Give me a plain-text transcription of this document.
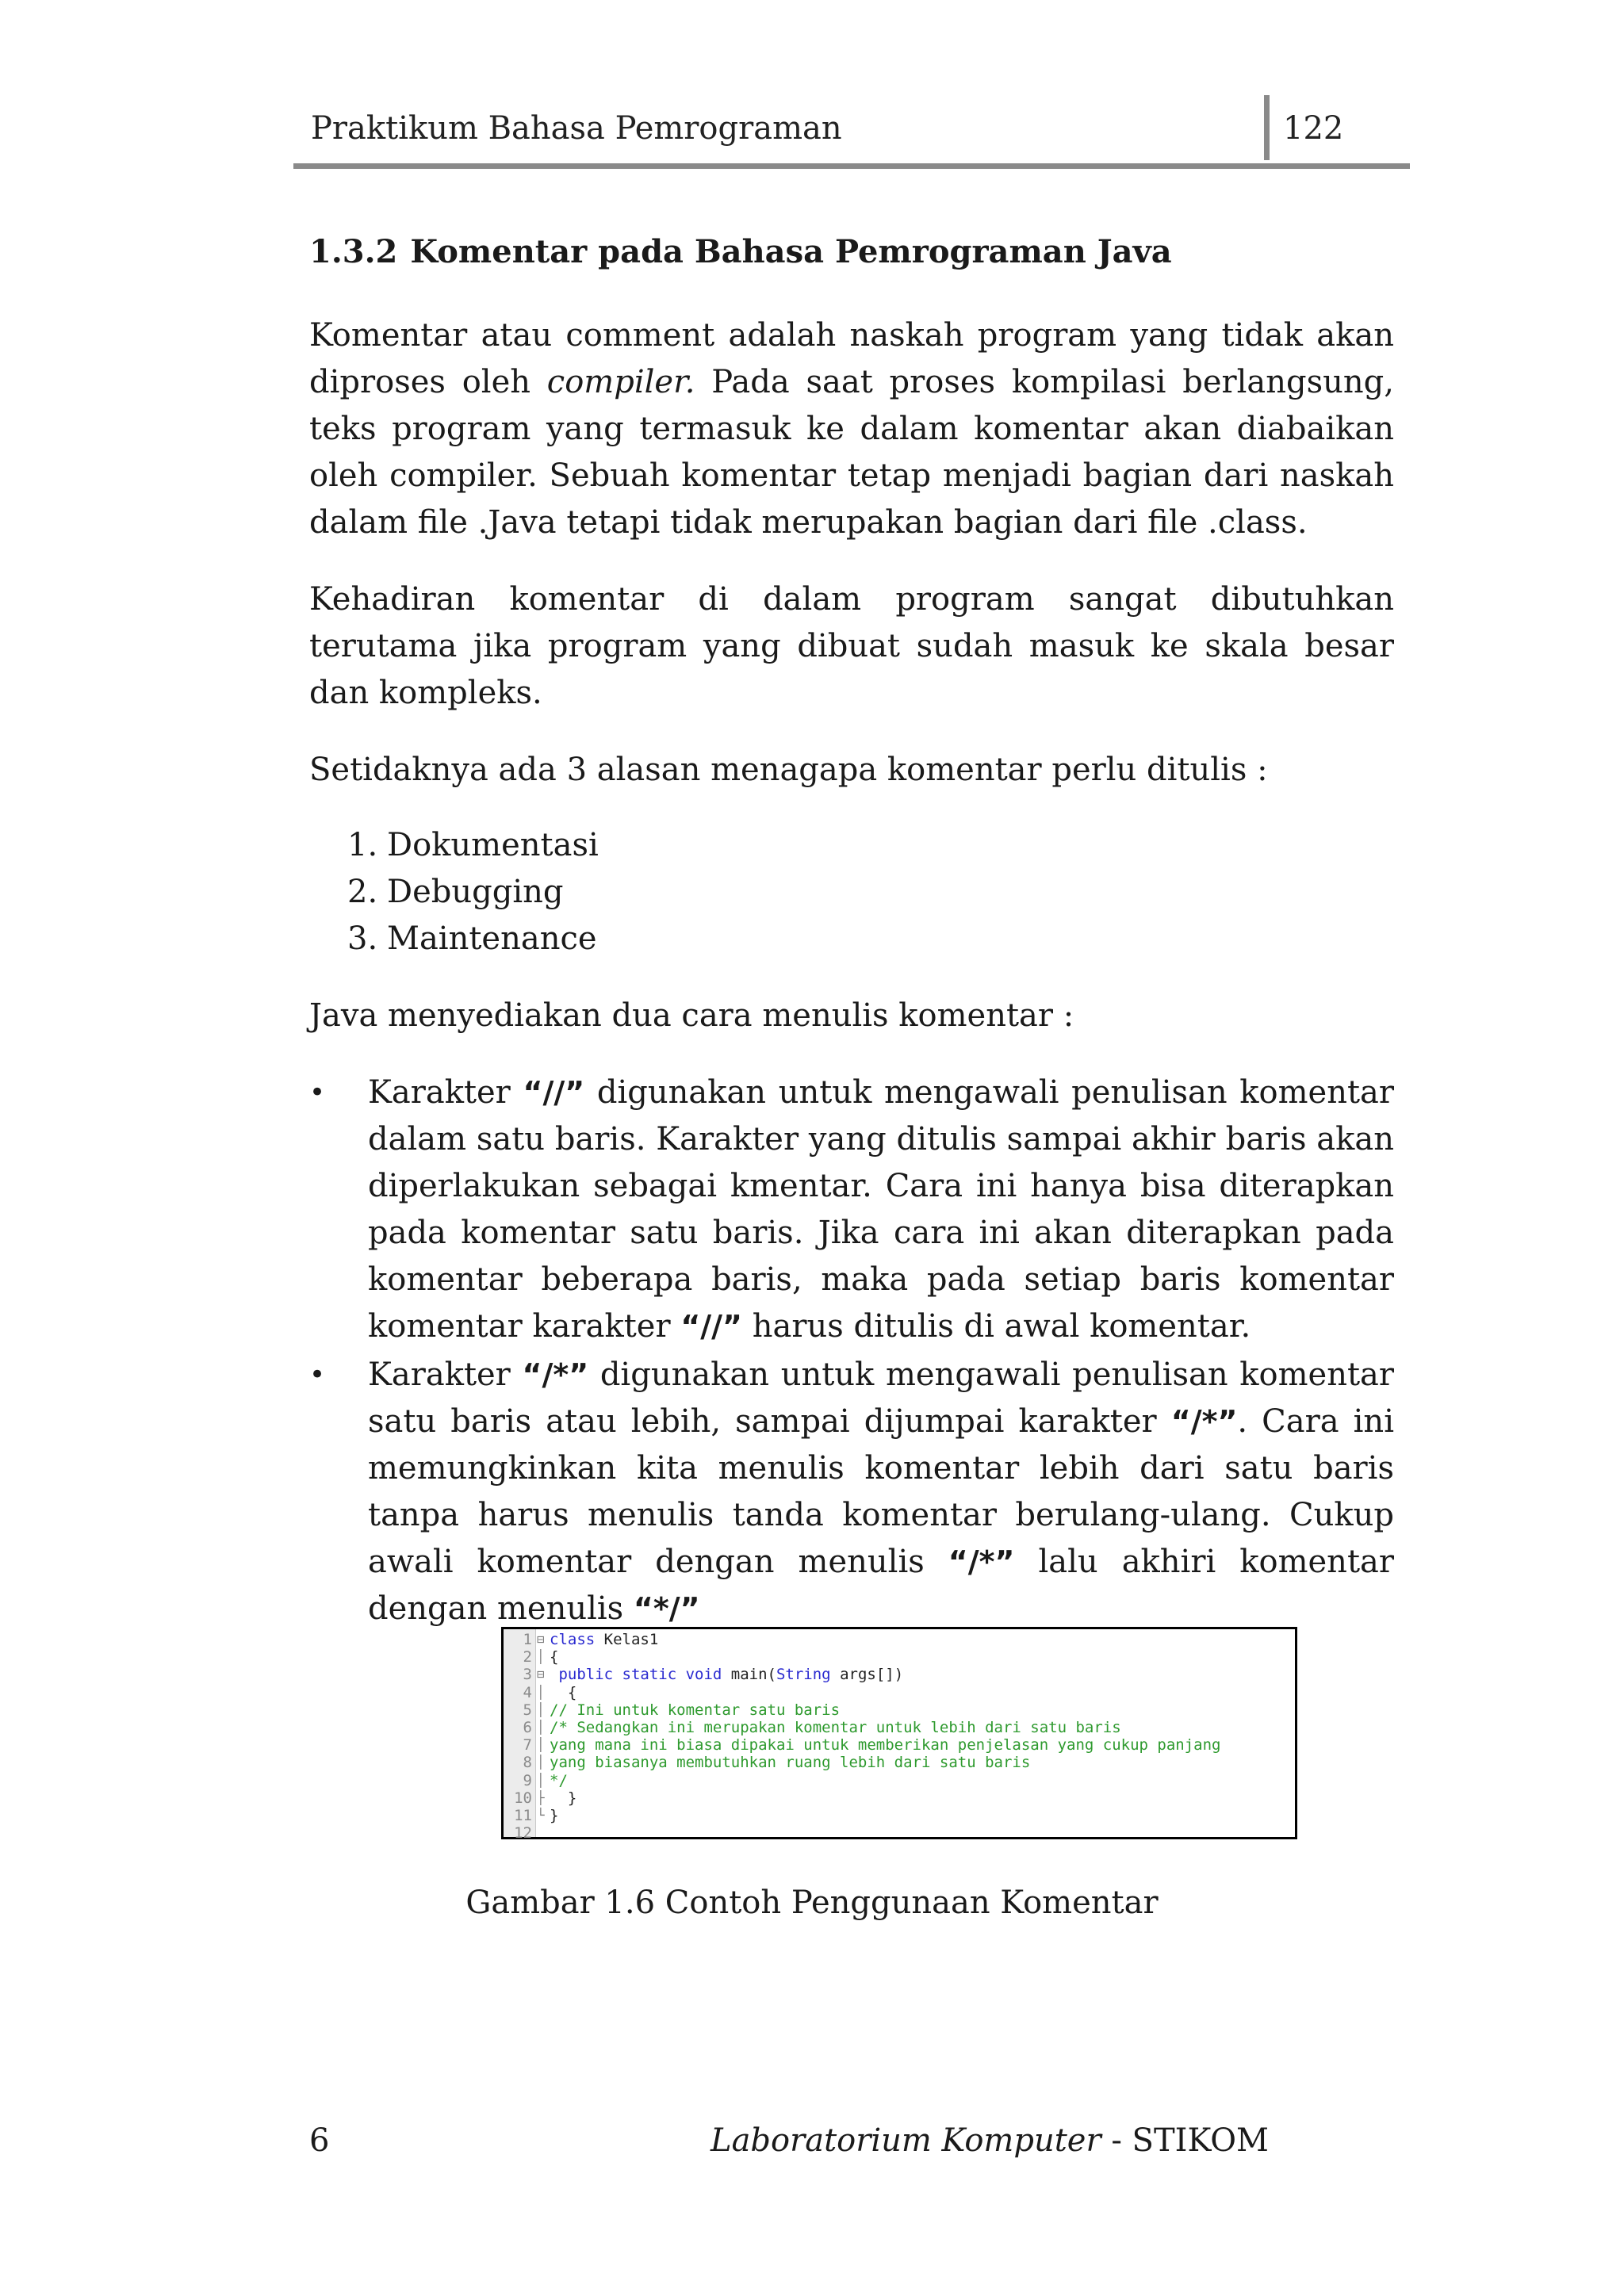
Praktikum Bahasa Pemrograman	122
1.3.2 Komentar pada Bahasa Pemrograman Java

Komentar atau comment adalah naskah program yang tidak akan diproses oleh compiler. Pada saat proses kompilasi berlangsung, teks program yang termasuk ke dalam komentar akan diabaikan oleh compiler. Sebuah komentar tetap menjadi bagian dari naskah dalam file .Java tetapi tidak merupakan bagian dari file .class.

Kehadiran komentar di dalam program sangat dibutuhkan terutama jika program yang dibuat sudah masuk ke skala besar dan kompleks.

Setidaknya ada 3 alasan menagapa komentar perlu ditulis :

1. Dokumentasi
2. Debugging
3. Maintenance

Java menyediakan dua cara menulis komentar :

• Karakter “//” digunakan untuk mengawali penulisan komentar dalam satu baris. Karakter yang ditulis sampai akhir baris akan diperlakukan sebagai kmentar. Cara ini hanya bisa diterapkan pada komentar satu baris. Jika cara ini akan diterapkan pada komentar beberapa baris, maka pada setiap baris komentar komentar karakter “//” harus ditulis di awal komentar.
• Karakter “/*” digunakan untuk mengawali penulisan komentar satu baris atau lebih, sampai dijumpai karakter “/*”. Cara ini memungkinkan kita menulis komentar lebih dari satu baris tanpa harus menulis tanda komentar berulang-ulang. Cukup awali komentar dengan menulis “/*” lalu akhiri komentar dengan menulis “*/”
1 ⊟ class Kelas1
2 │ {
3 ⊟ public static void main(String args[])
4 │ {
5 │ // Ini untuk komentar satu baris
6 │ /* Sedangkan ini merupakan komentar untuk lebih dari satu baris
7 │ yang mana ini biasa dipakai untuk memberikan penjelasan yang cukup panjang
8 │ yang biasanya membutuhkan ruang lebih dari satu baris
9 │ */
10 ├ }
11 └ }
12
Gambar 1.6 Contoh Penggunaan Komentar
6	Laboratorium Komputer - STIKOM
